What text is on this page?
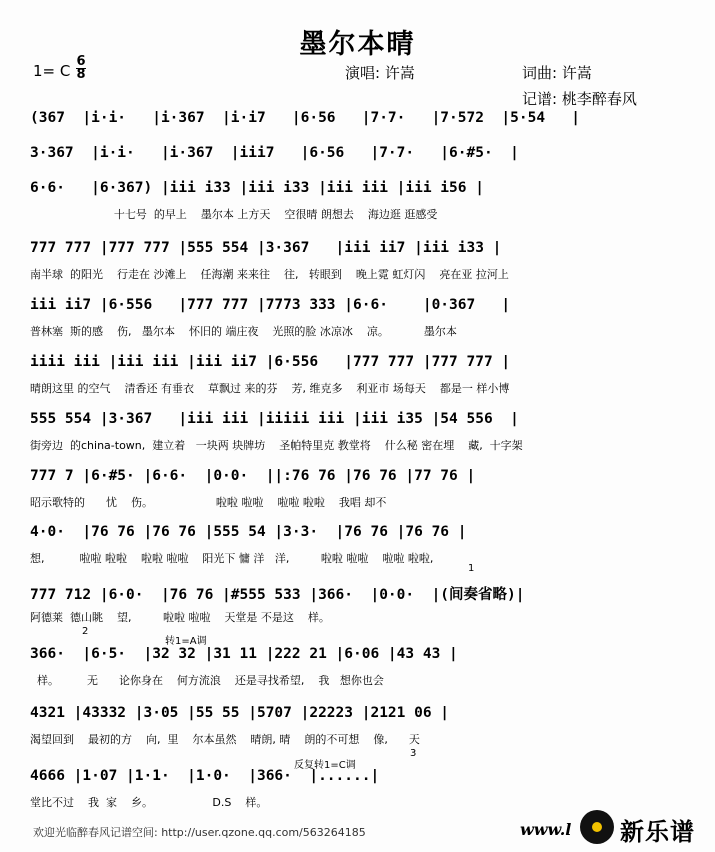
墨尔本晴
1= C
6
8	演唱: 许嵩	词曲: 许嵩
记谱: 桃李醉春风
(367  |i·i·   |i·367  |i·i7   |6·56   |7·7·   |7·572  |5·54   |
3·367  |i·i·   |i·367  |iii7   |6·56   |7·7·   |6·#5·  |
6·6·   |6·367) |iii i33 |iii i33 |iii iii |iii i56 |
十七号  的早上    墨尔本 上方天    空很晴 朗想去    海边逛 逛感受
777 777 |777 777 |555 554 |3·367   |iii ii7 |iii i33 |
南半球  的阳光    行走在 沙滩上    任海潮 来来往    往,   转眼到    晚上霓 虹灯闪    亮在亚 拉河上
iii ii7 |6·556   |777 777 |7773 333 |6·6·    |0·367   |
普林塞  斯的感    伤,   墨尔本    怀旧的 端庄夜    光照的脸 冰凉冰    凉。          墨尔本
iiii iii |iii iii |iii ii7 |6·556   |777 777 |777 777 |
晴朗这里 的空气    清香还 有垂衣    草飘过 来的芬    芳, 维克多    利亚市 场每天    都是一 样小博
555 554 |3·367   |iii iii |iiiii iii |iii i35 |54 556  |
街旁边  的china-town,  建立着   一块两 块牌坊    圣帕特里克 教堂将    什么秘 密在埋    藏,  十字架
777 7 |6·#5· |6·6·  |0·0·  ||:76 76 |76 76 |77 76 |
昭示歌特的      忧    伤。                  啦啦 啦啦    啦啦 啦啦    我唱 却不
4·0·  |76 76 |76 76 |555 54 |3·3·  |76 76 |76 76 |
想,          啦啦 啦啦    啦啦 啦啦    阳光下 慵 洋   洋,         啦啦 啦啦    啦啦 啦啦,
777 712 |6·0·  |76 76 |#555 533 |366·  |0·0·  |(间奏省略)|
阿德莱  德山眺    望,         啦啦 啦啦    天堂是 不是这    样。
366·  |6·5·  |32 32 |31 11 |222 21 |6·06 |43 43 |
样。        无      论你身在    何方流浪    还是寻找希望,    我   想你也会
4321 |43332 |3·05 |55 55 |5707 |22223 |2121 06 |
渴望回到    最初的方    向,  里    尔本虽然    晴朗, 晴    朗的不可想    像,      天
4666 |1·07 |1·1·  |1·0·  |366·  |......|
堂比不过    我  家    乡。                 D.S    样。
转1=A调
反复转1=C调
1
2
3
欢迎光临醉春风记谱空间: http://user.qzone.qq.com/563264185	www.l 新乐谱
